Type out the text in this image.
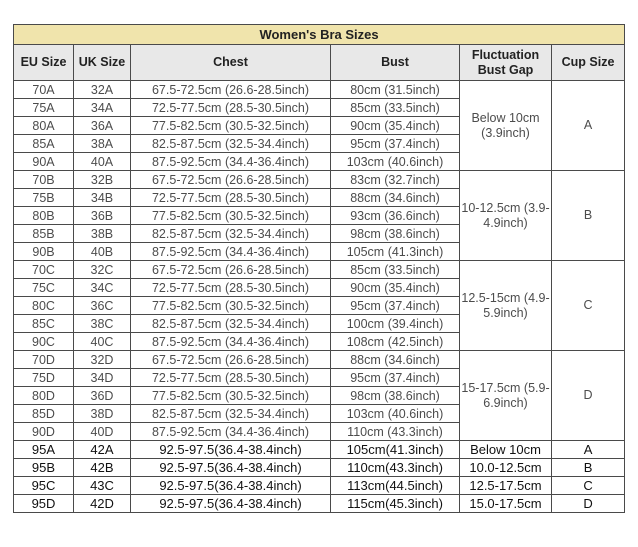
Women's Bra Sizes					
EU Size	UK Size	Chest	Bust	Fluctuation Bust Gap	Cup Size
70A	32A	67.5-72.5cm (26.6-28.5inch)	80cm (31.5inch)	Below 10cm (3.9inch)	A
75A	34A	72.5-77.5cm (28.5-30.5inch)	85cm (33.5inch)		
80A	36A	77.5-82.5cm (30.5-32.5inch)	90cm (35.4inch)		
85A	38A	82.5-87.5cm (32.5-34.4inch)	95cm (37.4inch)		
90A	40A	87.5-92.5cm (34.4-36.4inch)	103cm (40.6inch)		
70B	32B	67.5-72.5cm (26.6-28.5inch)	83cm (32.7inch)	10-12.5cm (3.9-4.9inch)	B
75B	34B	72.5-77.5cm (28.5-30.5inch)	88cm (34.6inch)		
80B	36B	77.5-82.5cm (30.5-32.5inch)	93cm (36.6inch)		
85B	38B	82.5-87.5cm (32.5-34.4inch)	98cm (38.6inch)		
90B	40B	87.5-92.5cm (34.4-36.4inch)	105cm (41.3inch)		
70C	32C	67.5-72.5cm (26.6-28.5inch)	85cm (33.5inch)	12.5-15cm (4.9-5.9inch)	C
75C	34C	72.5-77.5cm (28.5-30.5inch)	90cm (35.4inch)		
80C	36C	77.5-82.5cm (30.5-32.5inch)	95cm (37.4inch)		
85C	38C	82.5-87.5cm (32.5-34.4inch)	100cm (39.4inch)		
90C	40C	87.5-92.5cm (34.4-36.4inch)	108cm (42.5inch)		
70D	32D	67.5-72.5cm (26.6-28.5inch)	88cm (34.6inch)	15-17.5cm (5.9-6.9inch)	D
75D	34D	72.5-77.5cm (28.5-30.5inch)	95cm (37.4inch)		
80D	36D	77.5-82.5cm (30.5-32.5inch)	98cm (38.6inch)		
85D	38D	82.5-87.5cm (32.5-34.4inch)	103cm (40.6inch)		
90D	40D	87.5-92.5cm (34.4-36.4inch)	110cm (43.3inch)		
95A	42A	92.5-97.5(36.4-38.4inch)	105cm(41.3inch)	Below 10cm	A
95B	42B	92.5-97.5(36.4-38.4inch)	110cm(43.3inch)	10.0-12.5cm	B
95C	43C	92.5-97.5(36.4-38.4inch)	113cm(44.5inch)	12.5-17.5cm	C
95D	42D	92.5-97.5(36.4-38.4inch)	115cm(45.3inch)	15.0-17.5cm	D
